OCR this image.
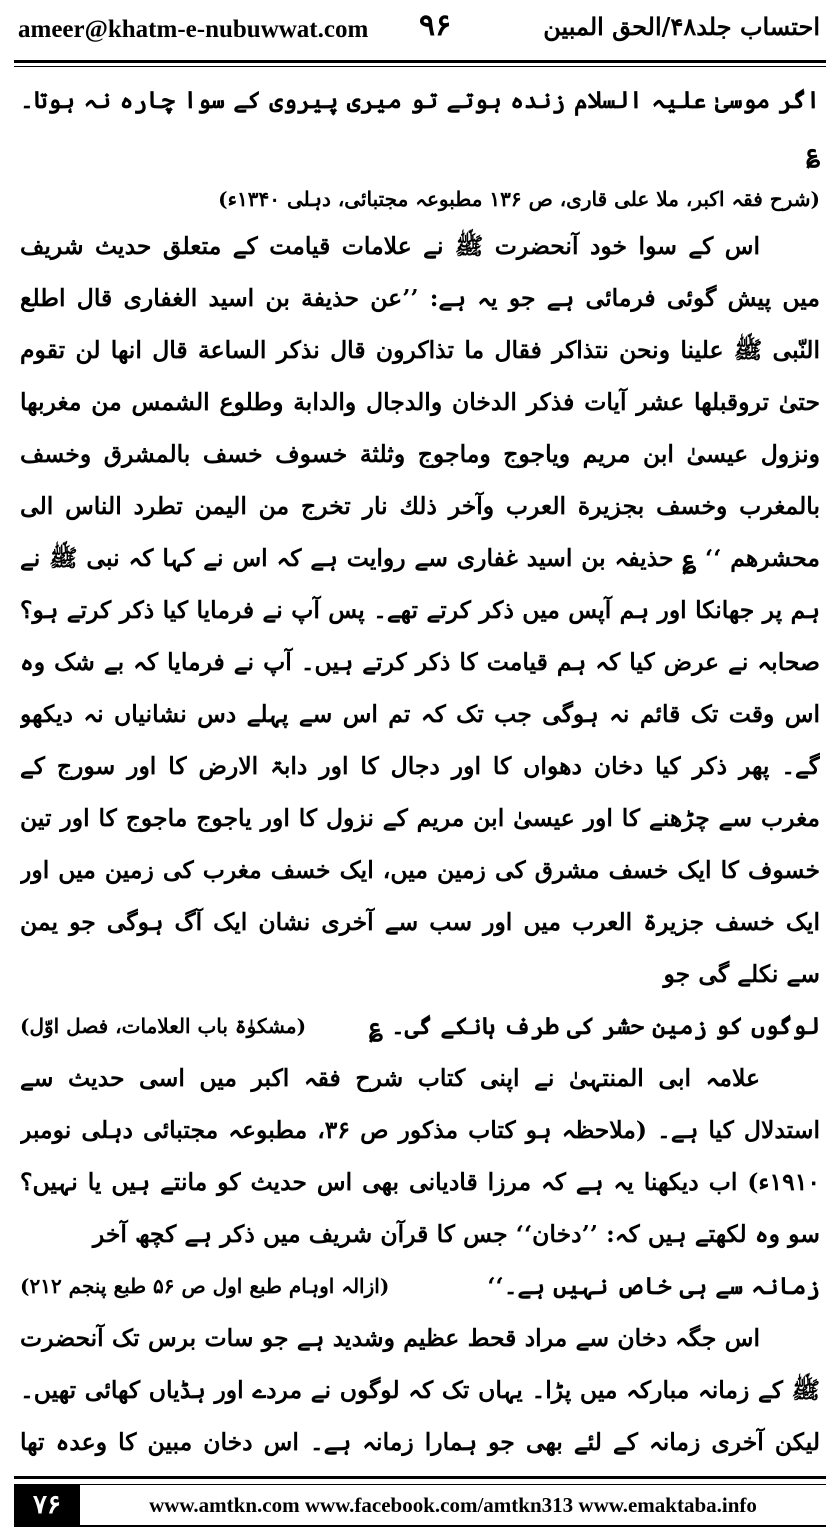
ameer@khatm-e-nubuwwat.com ۹۶	احتساب جلد۴۸/الحق المبین

اگر موسیٰ علیہ السلام زندہ ہوتے تو میری پیروی کے سوا چارہ نہ ہوتا۔ ؏

(شرح فقہ اکبر، ملا علی قاری، ص ۱۳۶ مطبوعہ مجتبائی، دہلی ۱۳۴۰ء)

اس کے سوا خود آنحضرت ﷺ نے علامات قیامت کے متعلق حدیث شریف میں پیش گوئی فرمائی ہے جو یہ ہے: ’’عن حذیفة بن اسید الغفاری قال اطلع النّبی ﷺ علینا ونحن نتذاکر فقال ما تذاکرون قال نذکر الساعة قال انها لن تقوم حتیٰ تروقبلها عشر آیات فذکر الدخان والدجال والدابة وطلوع الشمس من مغربها ونزول عیسیٰ ابن مریم ویاجوج وماجوج وثلثة خسوف خسف بالمشرق وخسف بالمغرب وخسف بجزیرة العرب وآخر ذلك نار تخرج من الیمن تطرد الناس الی محشرهم ‘‘ ؏ حذیفہ بن اسید غفاری سے روایت ہے کہ اس نے کہا کہ نبی ﷺ نے ہم پر جھانکا اور ہم آپس میں ذکر کرتے تھے۔ پس آپ نے فرمایا کیا ذکر کرتے ہو؟ صحابہ نے عرض کیا کہ ہم قیامت کا ذکر کرتے ہیں۔ آپ نے فرمایا کہ بے شک وہ اس وقت تک قائم نہ ہوگی جب تک کہ تم اس سے پہلے دس نشانیاں نہ دیکھو گے۔ پھر ذکر کیا دخان دھواں کا اور دجال کا اور دابۃ الارض کا اور سورج کے مغرب سے چڑھنے کا اور عیسیٰ ابن مریم کے نزول کا اور یاجوج ماجوج کا اور تین خسوف کا ایک خسف مشرق کی زمین میں، ایک خسف مغرب کی زمین میں اور ایک خسف جزیرۃ العرب میں اور سب سے آخری نشان ایک آگ ہوگی جو یمن سے نکلے گی جو

لوگوں کو زمین حشر کی طرف ہانکے گی۔ ؏
(مشکوٰۃ باب العلامات، فصل اوّل)

علامہ ابی المنتہیٰ نے اپنی کتاب شرح فقہ اکبر میں اسی حدیث سے استدلال کیا ہے۔ (ملاحظہ ہو کتاب مذکور ص ۳۶، مطبوعہ مجتبائی دہلی نومبر ۱۹۱۰ء) اب دیکھنا یہ ہے کہ مرزا قادیانی بھی اس حدیث کو مانتے ہیں یا نہیں؟ سو وہ لکھتے ہیں کہ: ’’دخان‘‘ جس کا قرآن شریف میں ذکر ہے کچھ آخر

زمانہ سے ہی خاص نہیں ہے۔‘‘
(ازالہ اوہام طبع اول ص ۵۶ طبع پنجم ۲۱۲)

اس جگہ دخان سے مراد قحط عظیم وشدید ہے جو سات برس تک آنحضرت ﷺ کے زمانہ مبارکہ میں پڑا۔ یہاں تک کہ لوگوں نے مردے اور ہڈیاں کھائی تھیں۔ لیکن آخری زمانہ کے لئے بھی جو ہمارا زمانہ ہے۔ اس دخان مبین کا وعدہ تھا

۷۶	www.amtkn.com www.facebook.com/amtkn313 www.emaktaba.info
